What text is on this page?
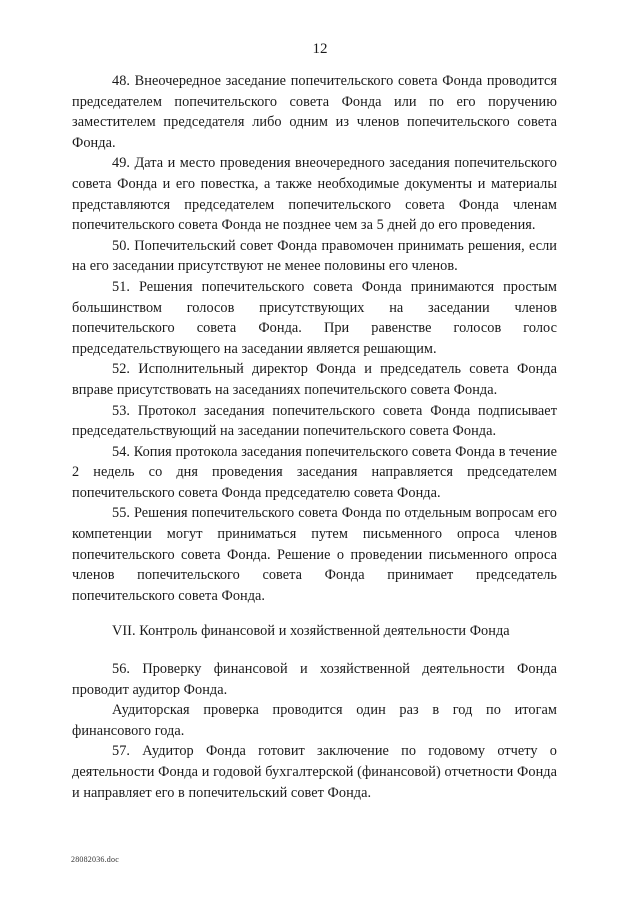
12

48. Внеочередное заседание попечительского совета Фонда проводится председателем попечительского совета Фонда или по его поручению заместителем председателя либо одним из членов попечительского совета Фонда.

49. Дата и место проведения внеочередного заседания попечительского совета Фонда и его повестка, а также необходимые документы и материалы представляются председателем попечительского совета Фонда членам попечительского совета Фонда не позднее чем за 5 дней до его проведения.

50. Попечительский совет Фонда правомочен принимать решения, если на его заседании присутствуют не менее половины его членов.

51. Решения попечительского совета Фонда принимаются простым большинством голосов присутствующих на заседании членов попечительского совета Фонда. При равенстве голосов голос председательствующего на заседании является решающим.

52. Исполнительный директор Фонда и председатель совета Фонда вправе присутствовать на заседаниях попечительского совета Фонда.

53. Протокол заседания попечительского совета Фонда подписывает председательствующий на заседании попечительского совета Фонда.

54. Копия протокола заседания попечительского совета Фонда в течение 2 недель со дня проведения заседания направляется председателем попечительского совета Фонда председателю совета Фонда.

55. Решения попечительского совета Фонда по отдельным вопросам его компетенции могут приниматься путем письменного опроса членов попечительского совета Фонда. Решение о проведении письменного опроса членов попечительского совета Фонда принимает председатель попечительского совета Фонда.

VII. Контроль финансовой и хозяйственной деятельности Фонда

56. Проверку финансовой и хозяйственной деятельности Фонда проводит аудитор Фонда.

Аудиторская проверка проводится один раз в год по итогам финансового года.

57. Аудитор Фонда готовит заключение по годовому отчету о деятельности Фонда и годовой бухгалтерской (финансовой) отчетности Фонда и направляет его в попечительский совет Фонда.

28082036.doc
